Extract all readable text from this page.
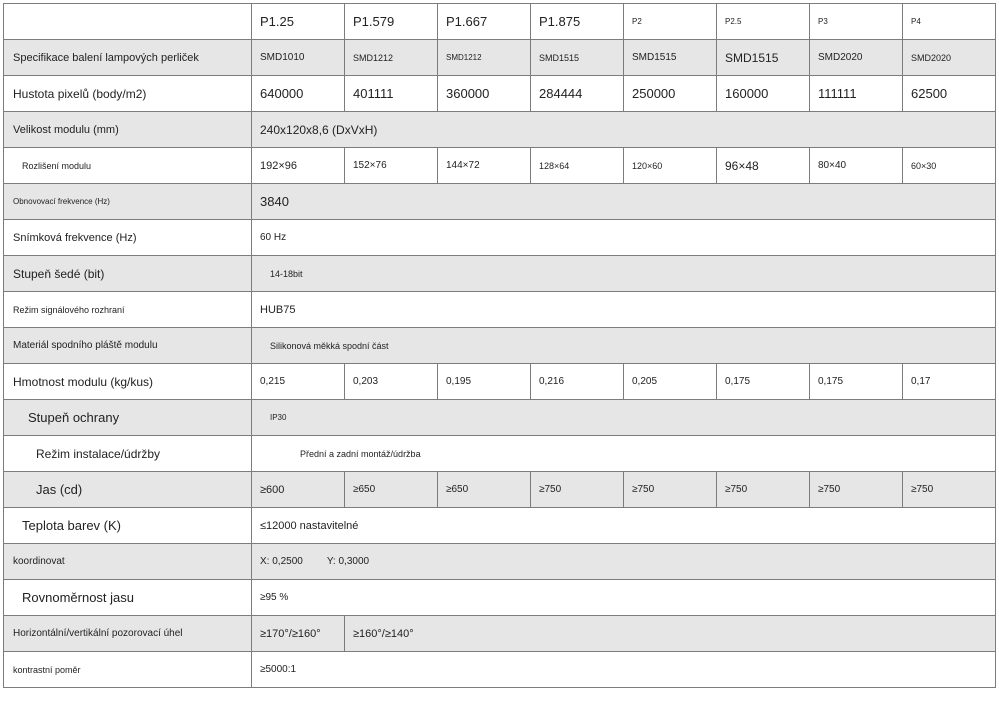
	P1.25	P1.579	P1.667	P1.875	P2	P2.5	P3	P4
Specifikace balení lampových perliček	SMD1010	SMD1212	SMD1212	SMD1515	SMD1515	SMD1515	SMD2020	SMD2020
Hustota pixelů (body/m2)	640000	401111	360000	284444	250000	160000	111111	62500
Velikost modulu (mm)	240x120x8,6 (DxVxH)							
Rozlišení modulu	192×96	152×76	144×72	128×64	120×60	96×48	80×40	60×30
Obnovovací frekvence (Hz)	3840							
Snímková frekvence (Hz)	60 Hz							
Stupeň šedé (bit)	14-18bit							
Režim signálového rozhraní	HUB75							
Materiál spodního pláště modulu	Silikonová měkká spodní část							
Hmotnost modulu (kg/kus)	0,215	0,203	0,195	0,216	0,205	0,175	0,175	0,17
Stupeň ochrany	IP30							
Režim instalace/údržby	Přední a zadní montáž/údržba							
Jas (cd)	≥600	≥650	≥650	≥750	≥750	≥750	≥750	≥750
Teplota barev (K)	≤12000 nastavitelné							
koordinovat	X: 0,2500 Y: 0,3000							
Rovnoměrnost jasu	≥95 %							
Horizontální/vertikální pozorovací úhel	≥170°/≥160°	≥160°/≥140°						
kontrastní poměr	≥5000:1							
